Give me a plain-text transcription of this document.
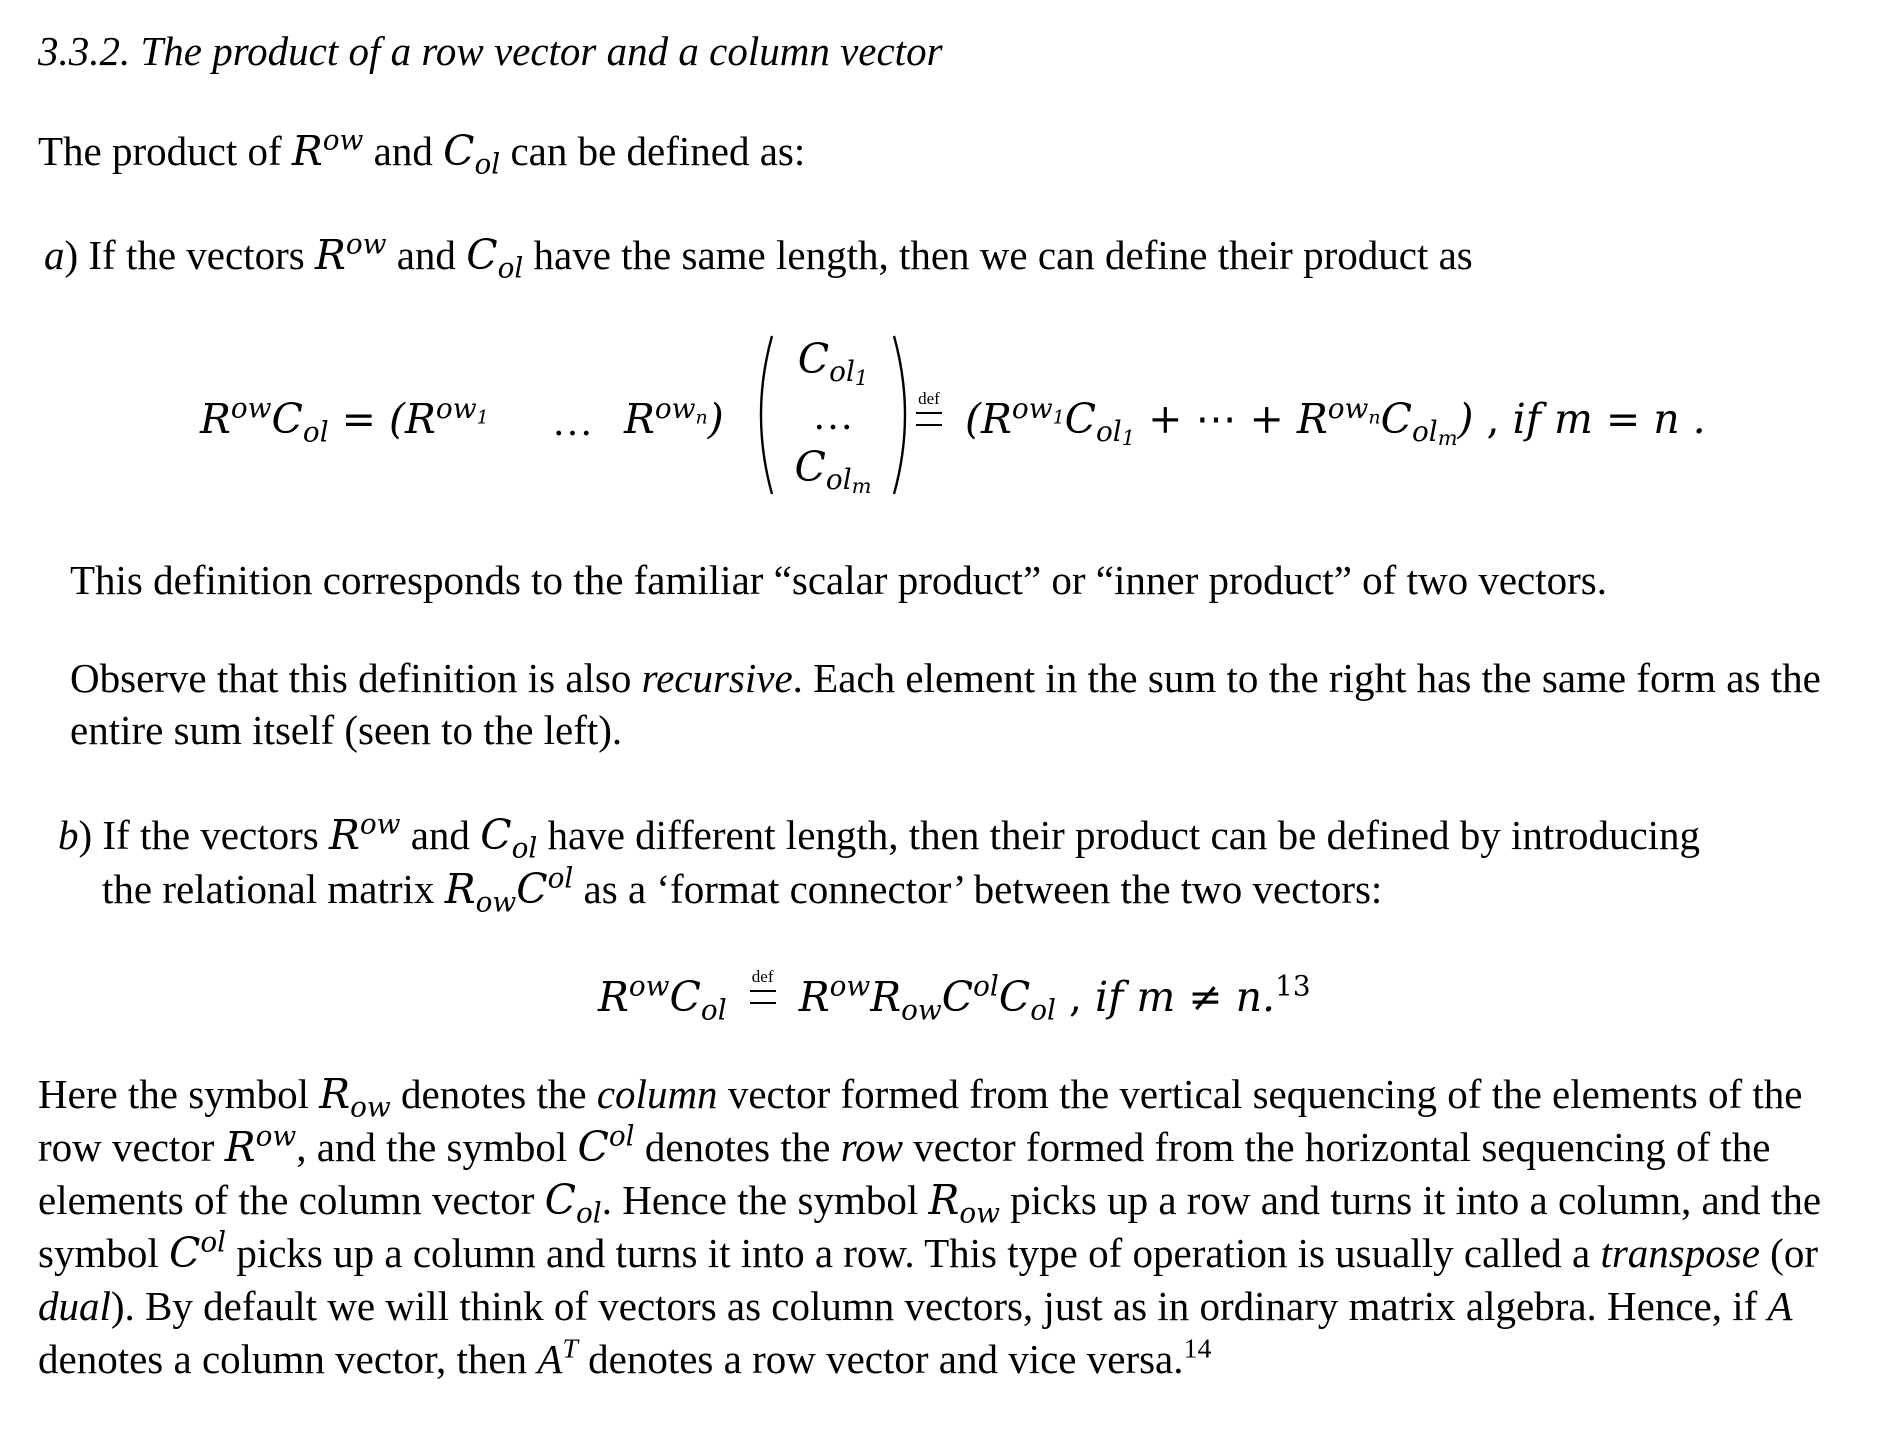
3.3.2. The product of a row vector and a column vector
The product of $R^{ow}$ and $C_{ol}$ can be defined as:
a) If the vectors $R^{ow}$ and $C_{ol}$ have the same length, then we can define their product as
$R^{ow}C_{ol} = (R^{ow_1}$ … $R^{ow_n}$)
$C_{ol_1}$
…
$C_{ol_m}$
def ($R^{ow_1}C_{ol_1}$ + ⋯ + $R^{ow_n}C_{ol_m}$) , if m = n .
This definition corresponds to the familiar “scalar product” or “inner product” of two vectors.
Observe that this definition is also recursive. Each element in the sum to the right has the same form as the entire sum itself (seen to the left).
b) If the vectors $R^{ow}$ and $C_{ol}$ have different length, then their product can be defined by introducing
the relational matrix $R_{ow}C^{ol}$ as a ‘format connector’ between the two vectors:
$R^{ow}C_{ol}$
def $R^{ow}R_{ow}C^{ol}C_{ol}$ , if m ≠ n.$^{13}$
Here the symbol $R_{ow}$ denotes the column vector formed from the vertical sequencing of the elements of the row vector $R^{ow}$, and the symbol $C^{ol}$ denotes the row vector formed from the horizontal sequencing of the elements of the column vector $C_{ol}$. Hence the symbol $R_{ow}$ picks up a row and turns it into a column, and the symbol $C^{ol}$ picks up a column and turns it into a row. This type of operation is usually called a transpose (or dual). By default we will think of vectors as column vectors, just as in ordinary matrix algebra. Hence, if A denotes a column vector, then $A^T$ denotes a row vector and vice versa.$^{14}$
